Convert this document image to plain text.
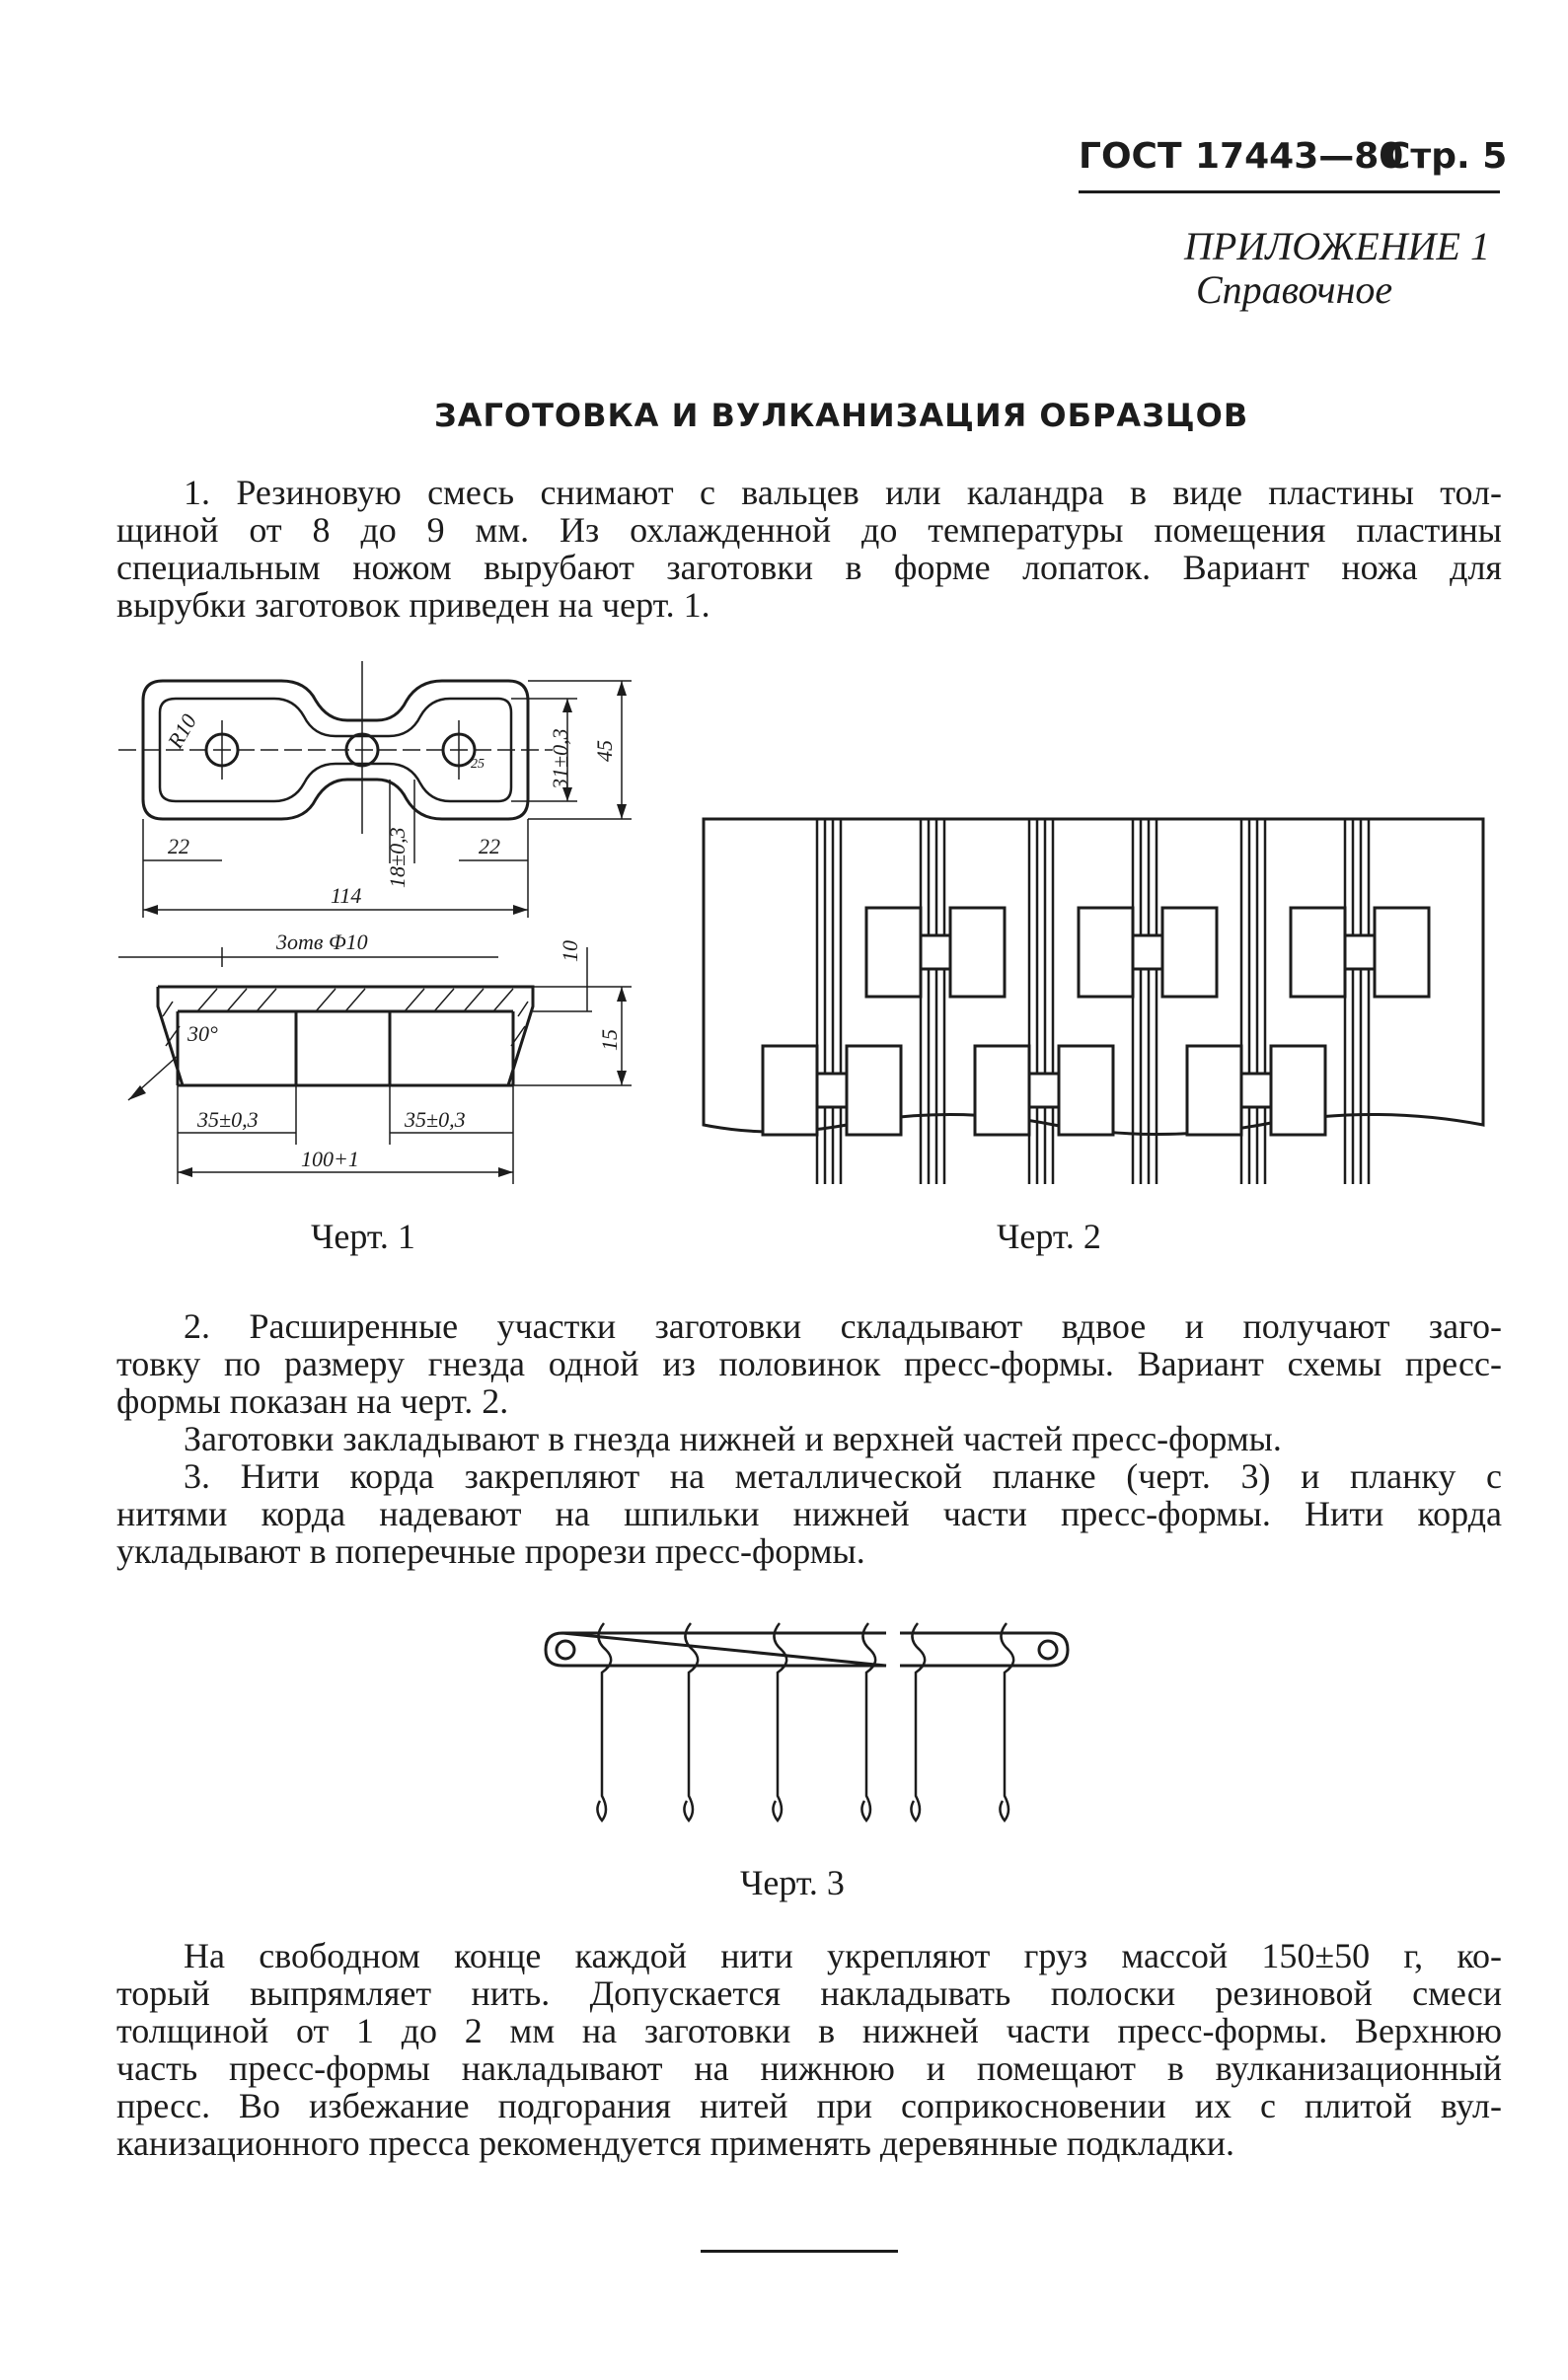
ГОСТ 17443—80
Стр. 5
ПРИЛОЖЕНИЕ 1
Справочное
ЗАГОТОВКА И ВУЛКАНИЗАЦИЯ ОБРАЗЦОВ
1. Резиновую смесь снимают с вальцев или каландра в виде пластины тол-
щиной от 8 до 9 мм. Из охлажденной до температуры помещения пластины
специальным ножом вырубают заготовки в форме лопаток. Вариант ножа для
вырубки заготовок приведен на черт. 1.
R10	31±0,3 45
22	22
18±0,3
114
3отв Ф10
25
10
15
30°
35±0,3	35±0,3
100+1
Черт. 1	Черт. 2
2. Расширенные участки заготовки складывают вдвое и получают заго-
товку по размеру гнезда одной из половинок пресс-формы. Вариант схемы пресс-
формы показан на черт. 2.
Заготовки закладывают в гнезда нижней и верхней частей пресс-формы.
3. Нити корда закрепляют на металлической планке (черт. 3) и планку с
нитями корда надевают на шпильки нижней части пресс-формы. Нити корда
укладывают в поперечные прорези пресс-формы.
Черт. 3
На свободном конце каждой нити укрепляют груз массой 150±50 г, ко-
торый выпрямляет нить. Допускается накладывать полоски резиновой смеси
толщиной от 1 до 2 мм на заготовки в нижней части пресс-формы. Верхнюю
часть пресс-формы накладывают на нижнюю и помещают в вулканизационный
пресс. Во избежание подгорания нитей при соприкосновении их с плитой вул-
канизационного пресса рекомендуется применять деревянные подкладки.
